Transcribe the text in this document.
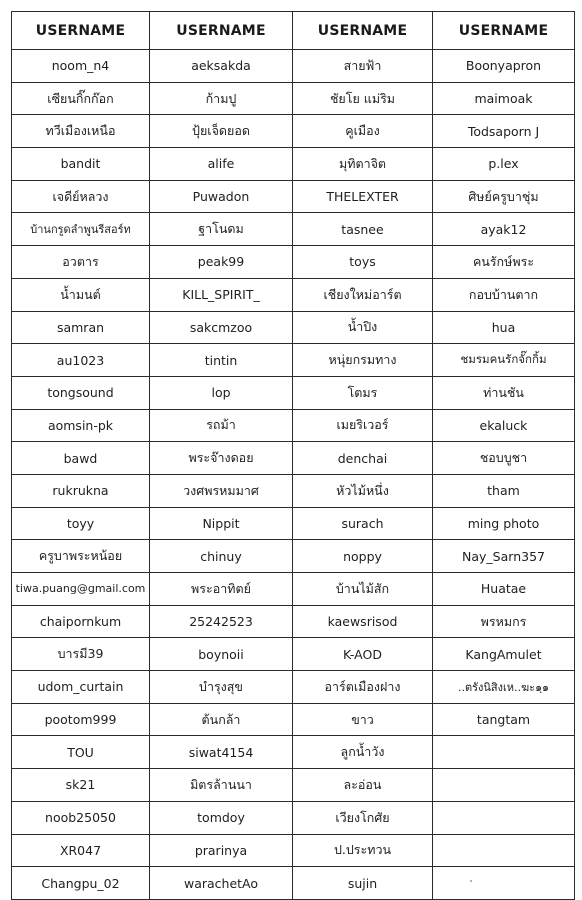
USERNAME	USERNAME	USERNAME	USERNAME
noom_n4	aeksakda	สายฟ้า	Boonyapron
เซียนกิ๊กก๊อก	ก้ามปู	ชัยโย แม่ริม	maimoak
ทวีเมืองเหนือ	ปุ้ยเจ็ดยอด	คูเมือง	Todsaporn J
bandit	alife	มุทิตาจิต	p.lex
เจดีย์หลวง	Puwadon	THELEXTER	ศิษย์ครูบาชุ่ม
บ้านกรูดลำพูนรีสอร์ท	ฐาโนดม	tasnee	ayak12
อวตาร	peak99	toys	คนรักษ์พระ
น้ำมนต์	KILL_SPIRIT_	เชียงใหม่อาร์ต	กอบบ้านตาก
samran	sakcmzoo	น้ำปิง	hua
au1023	tintin	หนุ่ยกรมทาง	ชมรมคนรักจั๊กกิ้ม
tongsound	lop	โตมร	ท่านชัน
aomsin-pk	รถม้า	เมยริเวอร์	ekaluck
bawd	พระจ๊างดอย	denchai	ชอบบูชา
rukrukna	วงศพรหมมาศ	หัวไม้หนึ่ง	tham
toyy	Nippit	surach	ming photo
ครูบาพระหน้อย	chinuy	noppy	Nay_Sarn357
tiwa.puang@gmail.com	พระอาทิตย์	บ้านไม้สัก	Huatae
chaipornkum	25242523	kaewsrisod	พรหมกร
บารมี39	boynoii	K-AOD	KangAmulet
udom_curtain	บำรุงสุข	อาร์ตเมืองฝาง	..ตรังนิสิงเห..ฆะ๑ฺ๑
pootom999	ต้นกล้า	ขาว	tangtam
TOU	siwat4154	ลูกน้ำวัง	
sk21	มิตรล้านนา	ละอ่อน	
noob25050	tomdoy	เวียงโกศัย	
XR047	prarinya	ป.ประทวน	
Changpu_02	warachetAo	sujin	
